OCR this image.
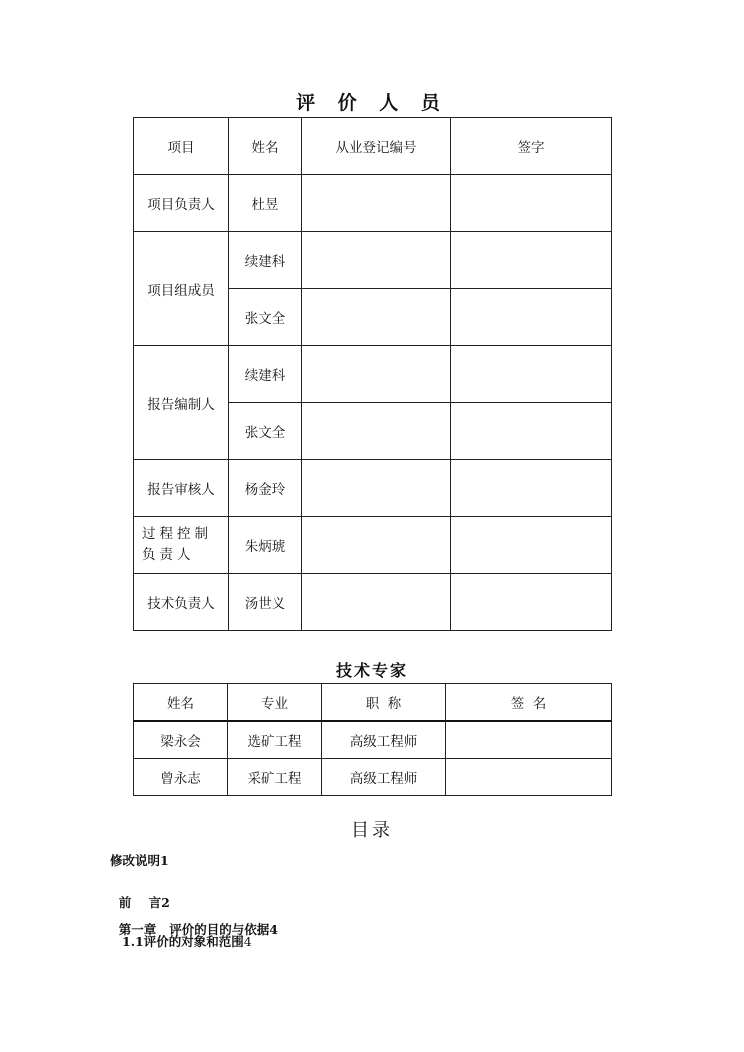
评 价 人 员
项目	姓名	从业登记编号	签字
项目负责人	杜昱		
项目组成员	续建科		
	张文全		
报告编制人	续建科		
	张文全		
报告审核人	杨金玲		
过程控制负责人	朱炳琥		
技术负责人	汤世义		
技术专家
姓名	专业	职  称	签  名
梁永会	选矿工程	高级工程师	
曾永志	采矿工程	高级工程师	
目录
修改说明1

前    言2

第一章   评价的目的与依据4

1.1评价的对象和范围4
